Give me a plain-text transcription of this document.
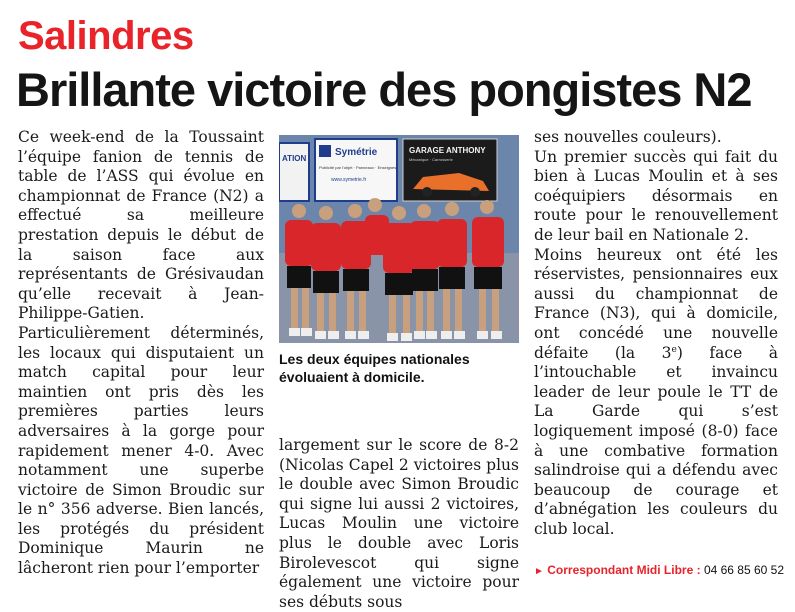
Salindres
Brillante victoire des pongistes N2

Ce week-end de la Toussaint l’équipe fanion de tennis de table de l’ASS qui évolue en championnat de France (N2) a effectué sa meilleure prestation depuis le début de la saison face aux représentants de Grésivaudan qu’elle recevait à Jean-Philippe-Gatien.

Particulièrement déterminés, les locaux qui disputaient un match capital pour leur maintien ont pris dès les premières parties leurs adversaires à la gorge pour rapidement mener 4-0. Avec notamment une superbe victoire de Simon Broudic sur le n° 356 adverse. Bien lancés, les protégés du président Dominique Maurin ne lâcheront rien pour l’emporter

ATION
Symétrie
Publicité par l'objet · Panneaux · Enseignes
www.symetrie.fr
GARAGE ANTHONY
Mécanique · Carrosserie

Les deux équipes nationales évoluaient à domicile.

largement sur le score de 8-2 (Nicolas Capel 2 victoires plus le double avec Simon Broudic qui signe lui aussi 2 victoires, Lucas Moulin une victoire plus le double avec Loris Birolevescot qui signe également une victoire pour ses débuts sous

ses nouvelles couleurs).

Un premier succès qui fait du bien à Lucas Moulin et à ses coéquipiers désormais en route pour le renouvellement de leur bail en Nationale 2.

Moins heureux ont été les réservistes, pensionnaires eux aussi du championnat de France (N3), qui à domicile, ont concédé une nouvelle défaite (la 3e) face à l’intouchable et invaincu leader de leur poule le TT de La Garde qui s’est logiquement imposé (8-0) face à une combative formation salindroise qui a défendu avec beaucoup de courage et d’abnégation les couleurs du club local.

► Correspondant Midi Libre : 04 66 85 60 52
